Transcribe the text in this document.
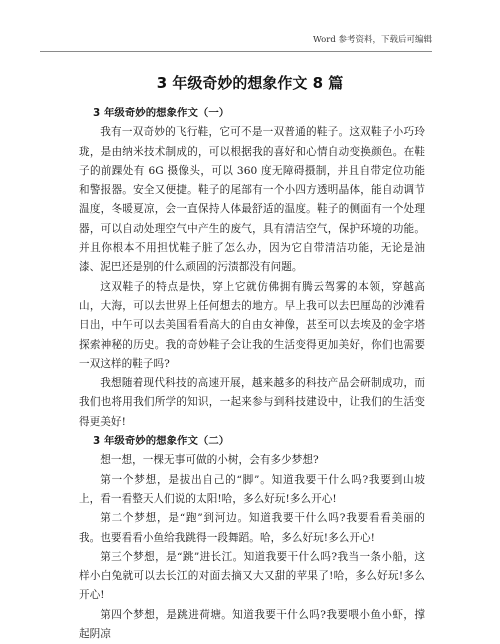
Word 参考资料，下载后可编辑
3 年级奇妙的想象作文 8 篇

3 年级奇妙的想象作文（一）

我有一双奇妙的飞行鞋，它可不是一双普通的鞋子。这双鞋子小巧玲珑，是由纳米技术制成的，可以根据我的喜好和心情自动变换颜色。在鞋子的前踝处有 6G 摄像头，可以 360 度无障碍摄制，并且自带定位功能和警报器。安全又便捷。鞋子的尾部有一个小四方透明晶体，能自动调节温度，冬暖夏凉，会一直保持人体最舒适的温度。鞋子的侧面有一个处理器，可以自动处理空气中产生的废气，具有清洁空气，保护环境的功能。并且你根本不用担忧鞋子脏了怎么办，因为它自带清洁功能，无论是油漆、泥巴还是别的什么顽固的污渍都没有问题。

这双鞋子的特点是快，穿上它就仿佛拥有腾云驾雾的本领，穿越高山，大海，可以去世界上任何想去的地方。早上我可以去巴厘岛的沙滩看日出，中午可以去美国看看高大的自由女神像，甚至可以去埃及的金字塔探索神秘的历史。我的奇妙鞋子会让我的生活变得更加美好，你们也需要一双这样的鞋子吗?

我想随着现代科技的高速开展，越来越多的科技产品会研制成功，而我们也将用我们所学的知识，一起来参与到科技建设中，让我们的生活变得更美好!

3 年级奇妙的想象作文（二）

想一想，一棵无事可做的小树，会有多少梦想?

第一个梦想，是拔出自己的“脚”。知道我要干什么吗?我要到山坡上，看一看整天人们说的太阳!哈，多么好玩!多么开心!

第二个梦想，是“跑”到河边。知道我要干什么吗?我要看看美丽的我。也要看看小鱼给我跳得一段舞蹈。哈，多么好玩!多么开心!

第三个梦想，是“跳”进长江。知道我要干什么吗?我当一条小船，这样小白兔就可以去长江的对面去摘又大又甜的苹果了!哈，多么好玩!多么开心!

第四个梦想，是跳进荷塘。知道我要干什么吗?我要喂小鱼小虾，撑起阴凉
